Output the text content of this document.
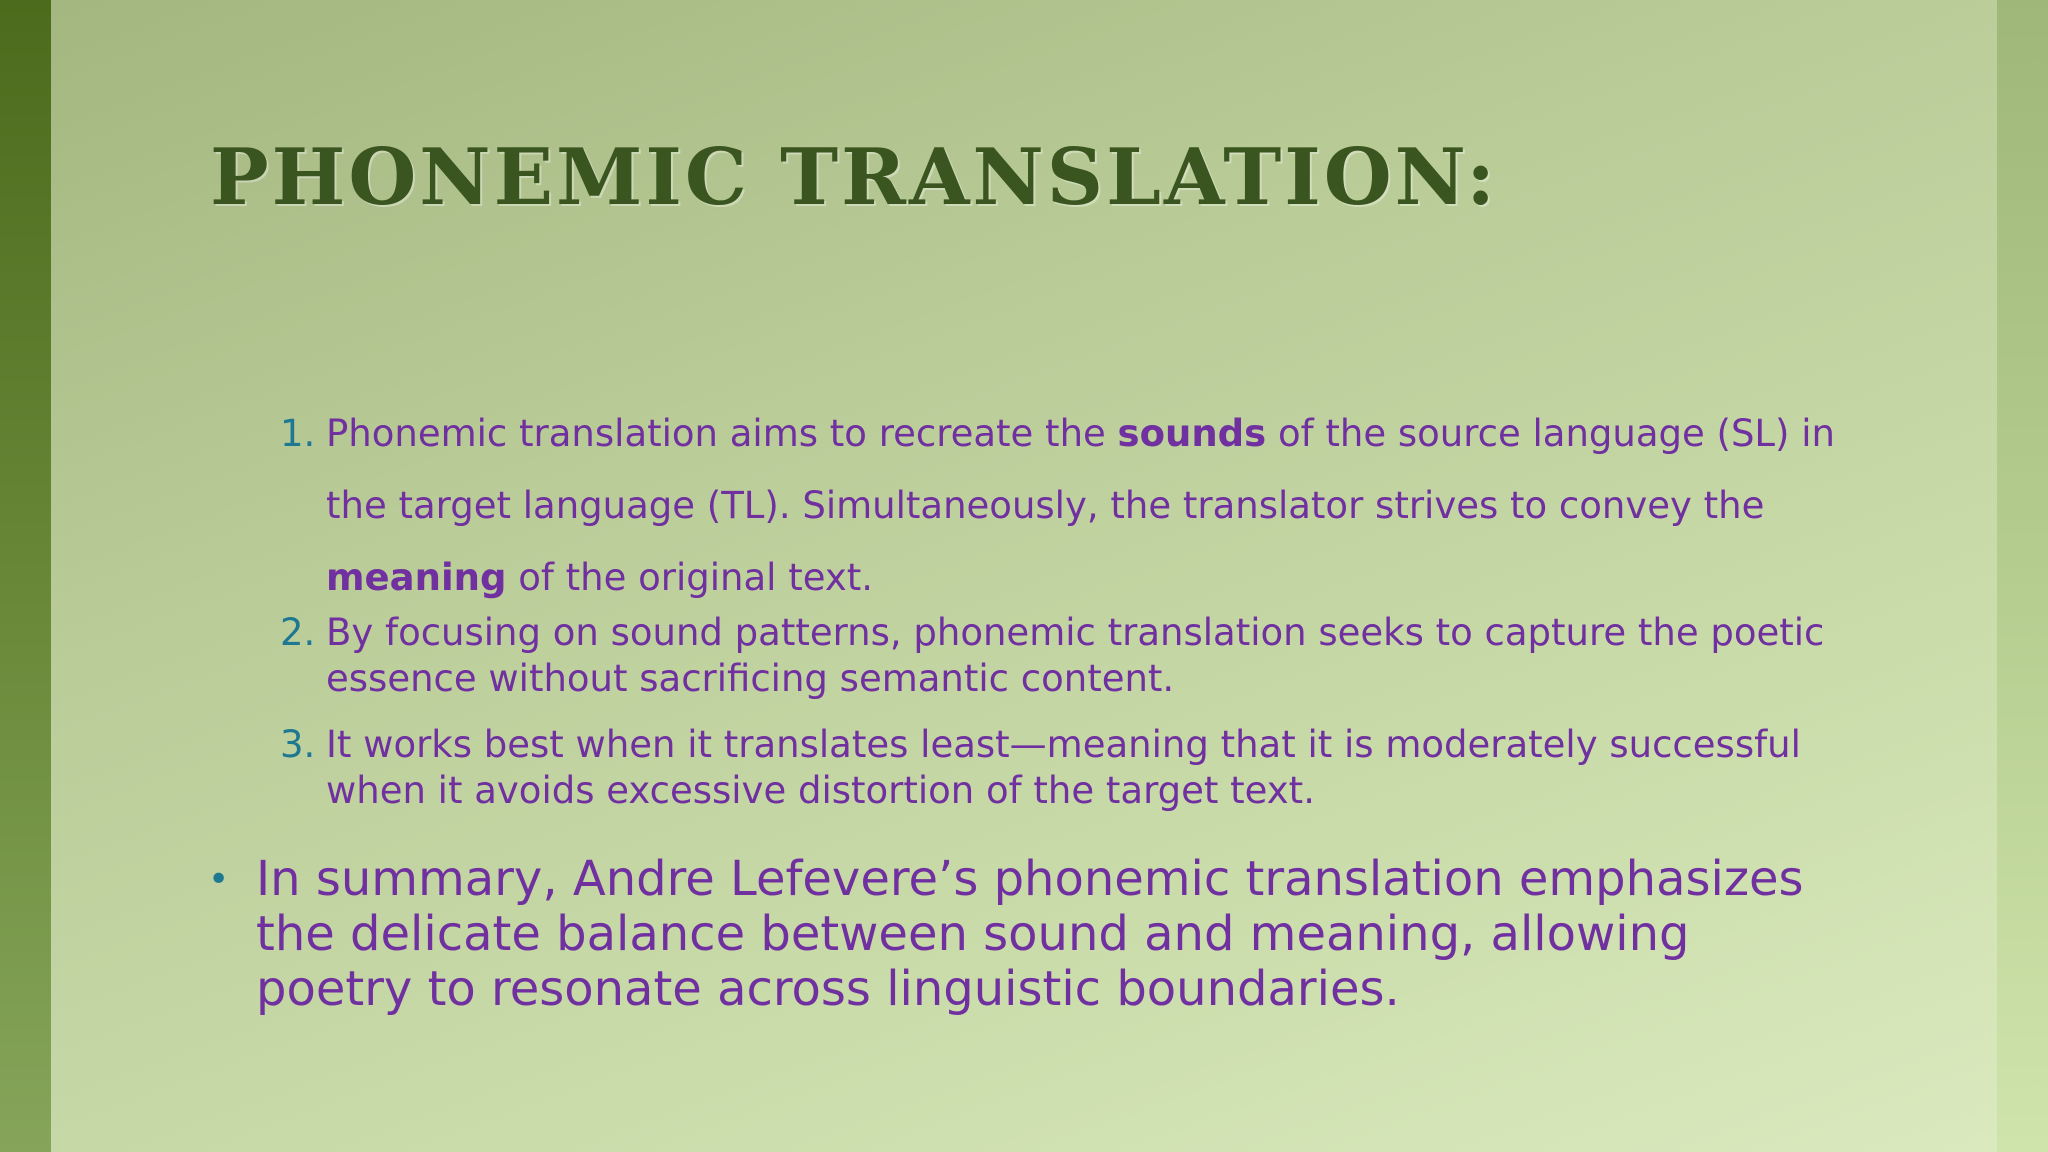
PHONEMIC TRANSLATION:
1. Phonemic translation aims to recreate the sounds of the source language (SL) in the target language (TL). Simultaneously, the translator strives to convey the meaning of the original text.
2. By focusing on sound patterns, phonemic translation seeks to capture the poetic essence without sacrificing semantic content.
3. It works best when it translates least—meaning that it is moderately successful when it avoids excessive distortion of the target text.
• In summary, Andre Lefevere’s phonemic translation emphasizes the delicate balance between sound and meaning, allowing poetry to resonate across linguistic boundaries.
